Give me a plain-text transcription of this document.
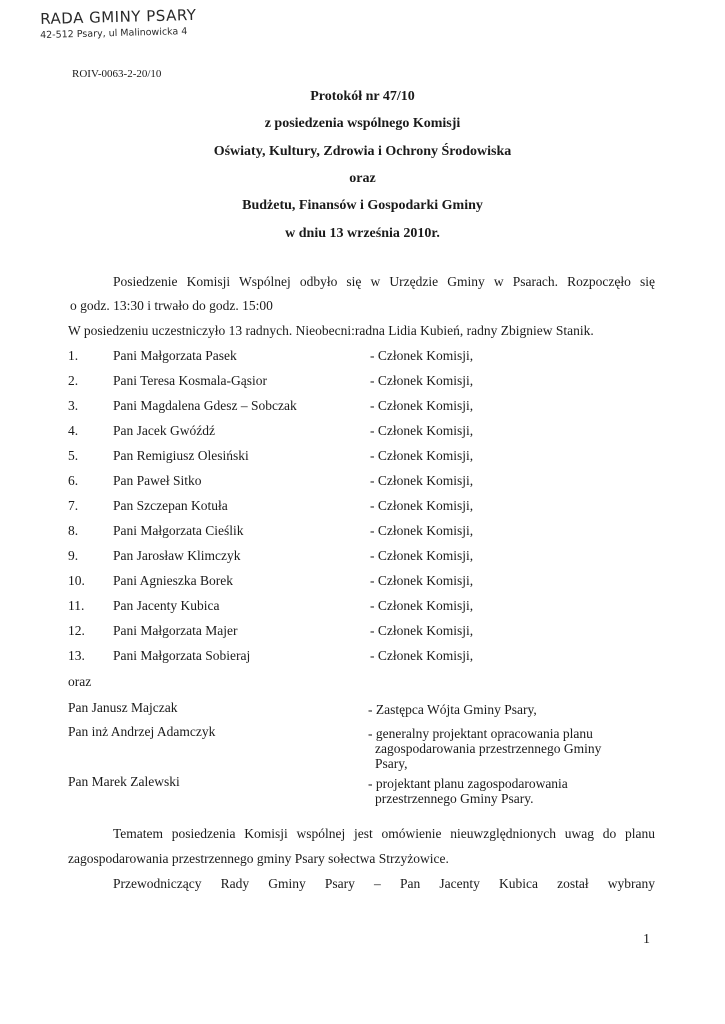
RADA GMINY PSARY
42-512 Psary, ul Malinowicka 4
ROIV-0063-2-20/10
Protokół nr 47/10
z posiedzenia wspólnego Komisji
Oświaty, Kultury, Zdrowia i Ochrony Środowiska
oraz
Budżetu, Finansów i Gospodarki Gminy
w dniu 13 września 2010r.
Posiedzenie Komisji Wspólnej odbyło się w Urzędzie Gminy w Psarach. Rozpoczęło się
o godz. 13:30 i trwało do godz. 15:00
W posiedzeniu uczestniczyło 13 radnych. Nieobecni:radna Lidia Kubień, radny Zbigniew Stanik.
1.	Pani Małgorzata Pasek	- Członek Komisji,
2.	Pani Teresa Kosmala-Gąsior	- Członek Komisji,
3.	Pani Magdalena Gdesz – Sobczak	- Członek Komisji,
4.	Pan Jacek Gwóźdź	- Członek Komisji,
5.	Pan Remigiusz Olesiński	- Członek Komisji,
6.	Pan Paweł Sitko	- Członek Komisji,
7.	Pan Szczepan Kotuła	- Członek Komisji,
8.	Pani Małgorzata Cieślik	- Członek Komisji,
9.	Pan Jarosław Klimczyk	- Członek Komisji,
10. Pani Agnieszka Borek	- Członek Komisji,
11. Pan Jacenty Kubica	- Członek Komisji,
12. Pani Małgorzata Majer	- Członek Komisji,
13. Pani Małgorzata Sobieraj	- Członek Komisji,
oraz
Pan Janusz Majczak	- Zastępca Wójta Gminy Psary,
Pan inż Andrzej Adamczyk	- generalny projektant opracowania planu
zagospodarowania przestrzennego Gminy
Psary,
Pan Marek Zalewski	- projektant planu zagospodarowania
przestrzennego Gminy Psary.
Tematem posiedzenia Komisji wspólnej jest omówienie nieuwzględnionych uwag do planu
zagospodarowania przestrzennego gminy Psary sołectwa Strzyżowice.
Przewodniczący Rady Gminy Psary – Pan Jacenty Kubica został wybrany
1
